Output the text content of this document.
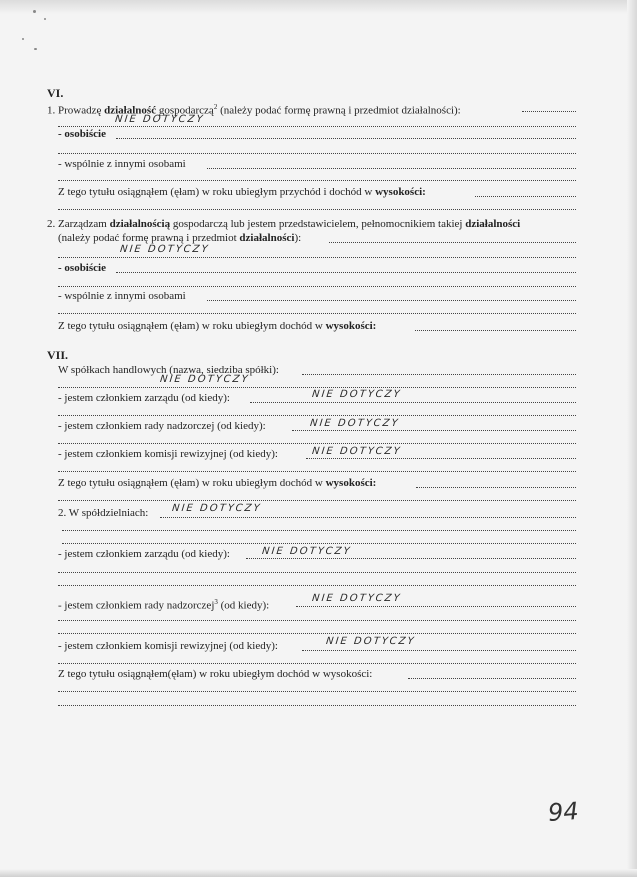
VI.
1. Prowadzę działalność gospodarczą$^2$ (należy podać formę prawną i przedmiot działalności):
NIE DOTYCZY
- osobiście
- wspólnie z innymi osobami
Z tego tytułu osiągnąłem (ęłam) w roku ubiegłym przychód i dochód w wysokości:
2. Zarządzam działalnością gospodarczą lub jestem przedstawicielem, pełnomocnikiem takiej działalności
(należy podać formę prawną i przedmiot działalności):
NIE DOTYCZY
- osobiście
- wspólnie z innymi osobami
Z tego tytułu osiągnąłem (ęłam) w roku ubiegłym dochód w wysokości:
VII.
W spółkach handlowych (nazwa, siedziba spółki):
NIE DOTYCZY
- jestem członkiem zarządu (od kiedy):	NIE DOTYCZY
- jestem członkiem rady nadzorczej (od kiedy):	NIE DOTYCZY
- jestem członkiem komisji rewizyjnej (od kiedy):	NIE DOTYCZY
Z tego tytułu osiągnąłem (ęłam) w roku ubiegłym dochód w wysokości:
2. W spółdzielniach: NIE DOTYCZY
- jestem członkiem zarządu (od kiedy):	NIE DOTYCZY
- jestem członkiem rady nadzorczej$^3$ (od kiedy):
NIE DOTYCZY
- jestem członkiem komisji rewizyjnej (od kiedy):	NIE DOTYCZY
Z tego tytułu osiągnąłem(ęłam) w roku ubiegłym dochód w wysokości:
94
